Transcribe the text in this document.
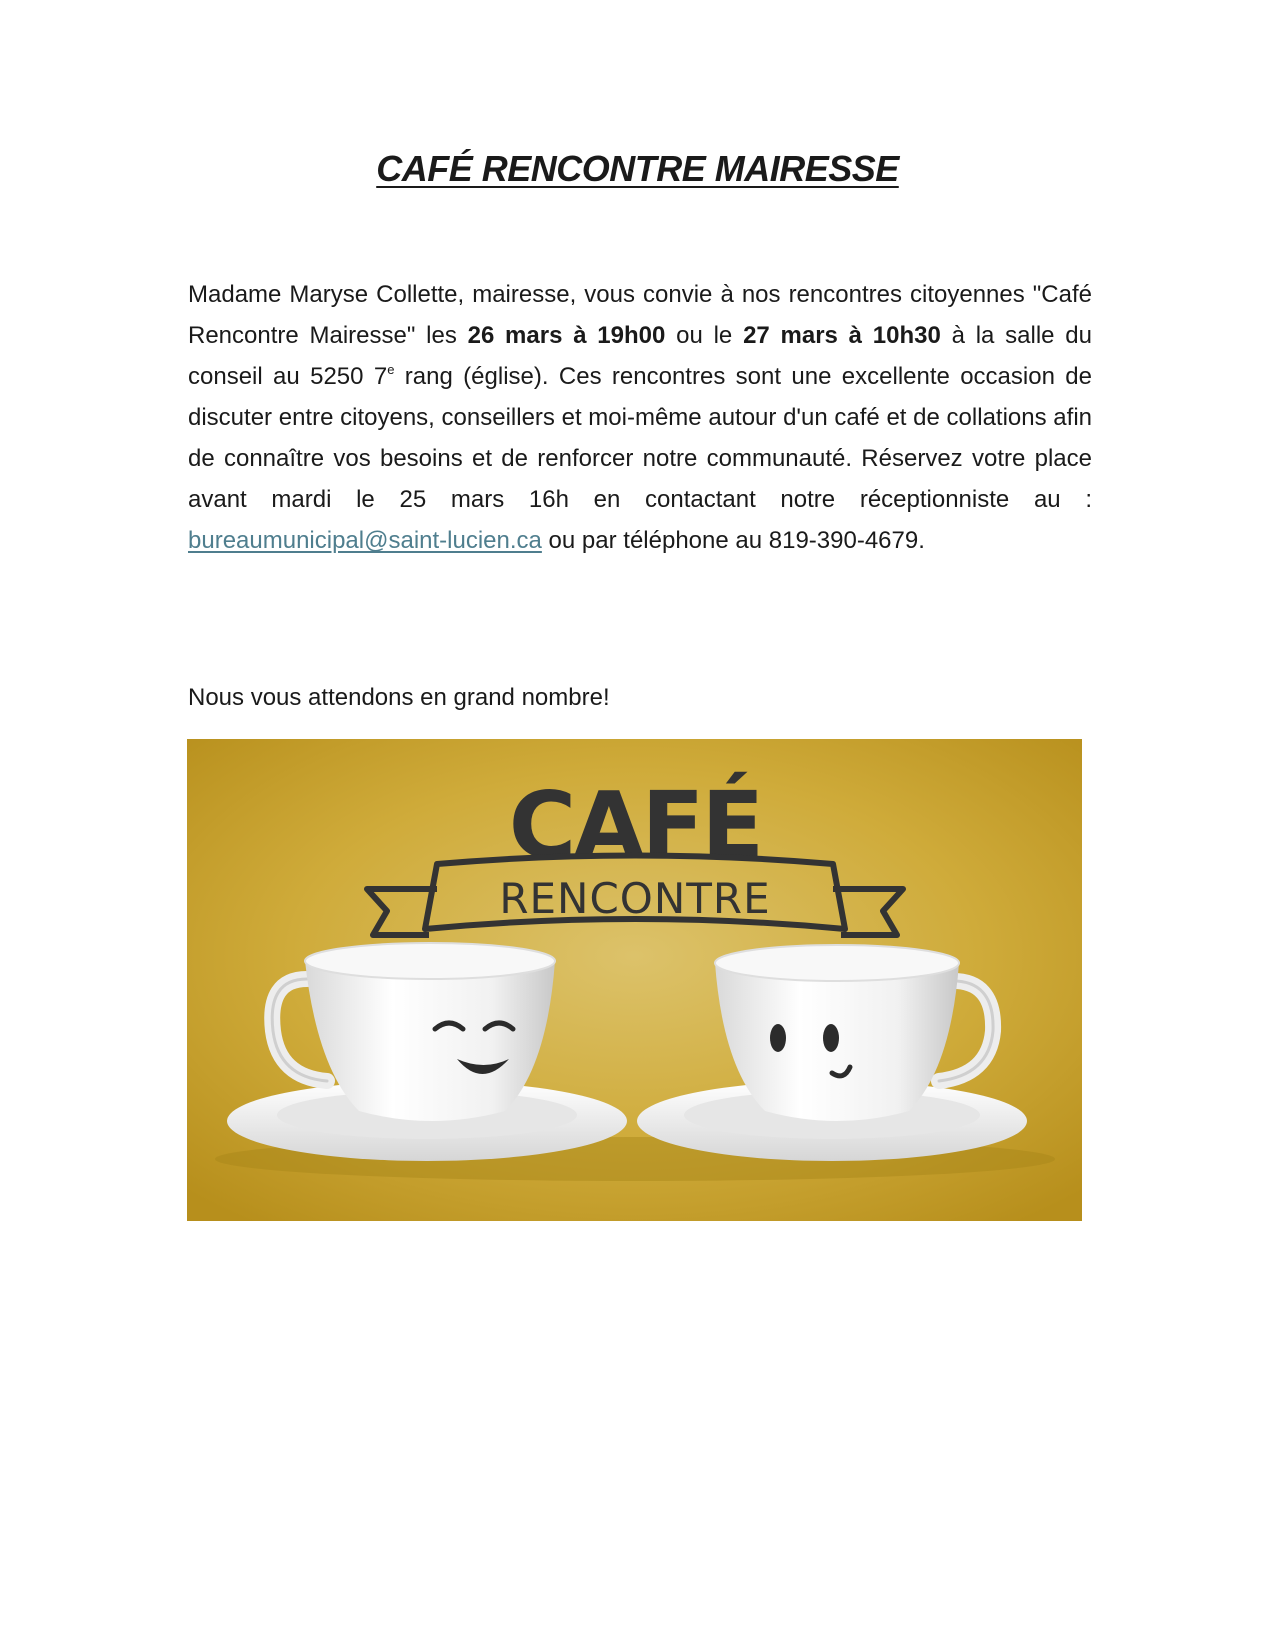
CAFÉ RENCONTRE MAIRESSE

Madame Maryse Collette, mairesse, vous convie à nos rencontres citoyennes "Café Rencontre Mairesse" les 26 mars à 19h00 ou le 27 mars à 10h30 à la salle du conseil au 5250 7e rang (église). Ces rencontres sont une excellente occasion de discuter entre citoyens, conseillers et moi-même autour d'un café et de collations afin de connaître vos besoins et de renforcer notre communauté. Réservez votre place avant mardi le 25 mars 16h en contactant notre réceptionniste au : bureaumunicipal@saint-lucien.ca ou par téléphone au 819-390-4679.

Nous vous attendons en grand nombre!

CAFÉ
RENCONTRE
